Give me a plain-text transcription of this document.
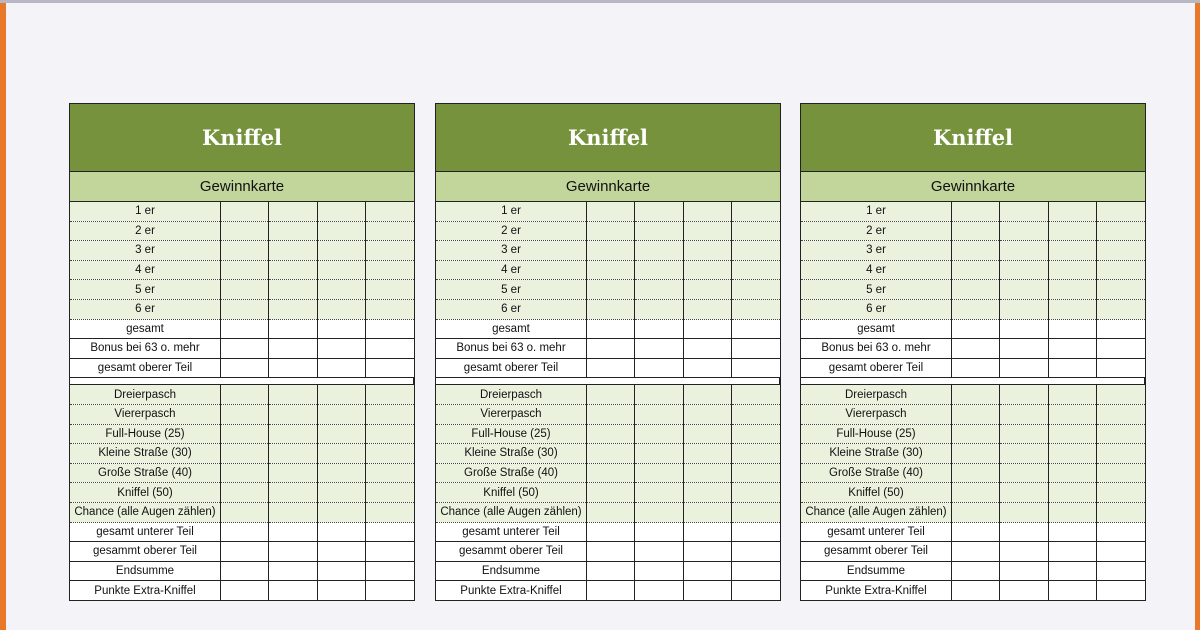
Kniffel
Gewinnkarte
1 er				
2 er				
3 er				
4 er				
5 er				
6 er				
gesamt				
Bonus bei 63 o. mehr				
gesamt oberer Teil				

Dreierpasch				
Viererpasch				
Full-House (25)				
Kleine Straße (30)				
Große Straße (40)				
Kniffel (50)				
Chance (alle Augen zählen)				
gesamt unterer Teil				
gesammt oberer Teil				
Endsumme				
Punkte Extra-Kniffel				
Kniffel
Gewinnkarte
1 er				
2 er				
3 er				
4 er				
5 er				
6 er				
gesamt				
Bonus bei 63 o. mehr				
gesamt oberer Teil				

Dreierpasch				
Viererpasch				
Full-House (25)				
Kleine Straße (30)				
Große Straße (40)				
Kniffel (50)				
Chance (alle Augen zählen)				
gesamt unterer Teil				
gesammt oberer Teil				
Endsumme				
Punkte Extra-Kniffel				
Kniffel
Gewinnkarte
1 er				
2 er				
3 er				
4 er				
5 er				
6 er				
gesamt				
Bonus bei 63 o. mehr				
gesamt oberer Teil				

Dreierpasch				
Viererpasch				
Full-House (25)				
Kleine Straße (30)				
Große Straße (40)				
Kniffel (50)				
Chance (alle Augen zählen)				
gesamt unterer Teil				
gesammt oberer Teil				
Endsumme				
Punkte Extra-Kniffel				
